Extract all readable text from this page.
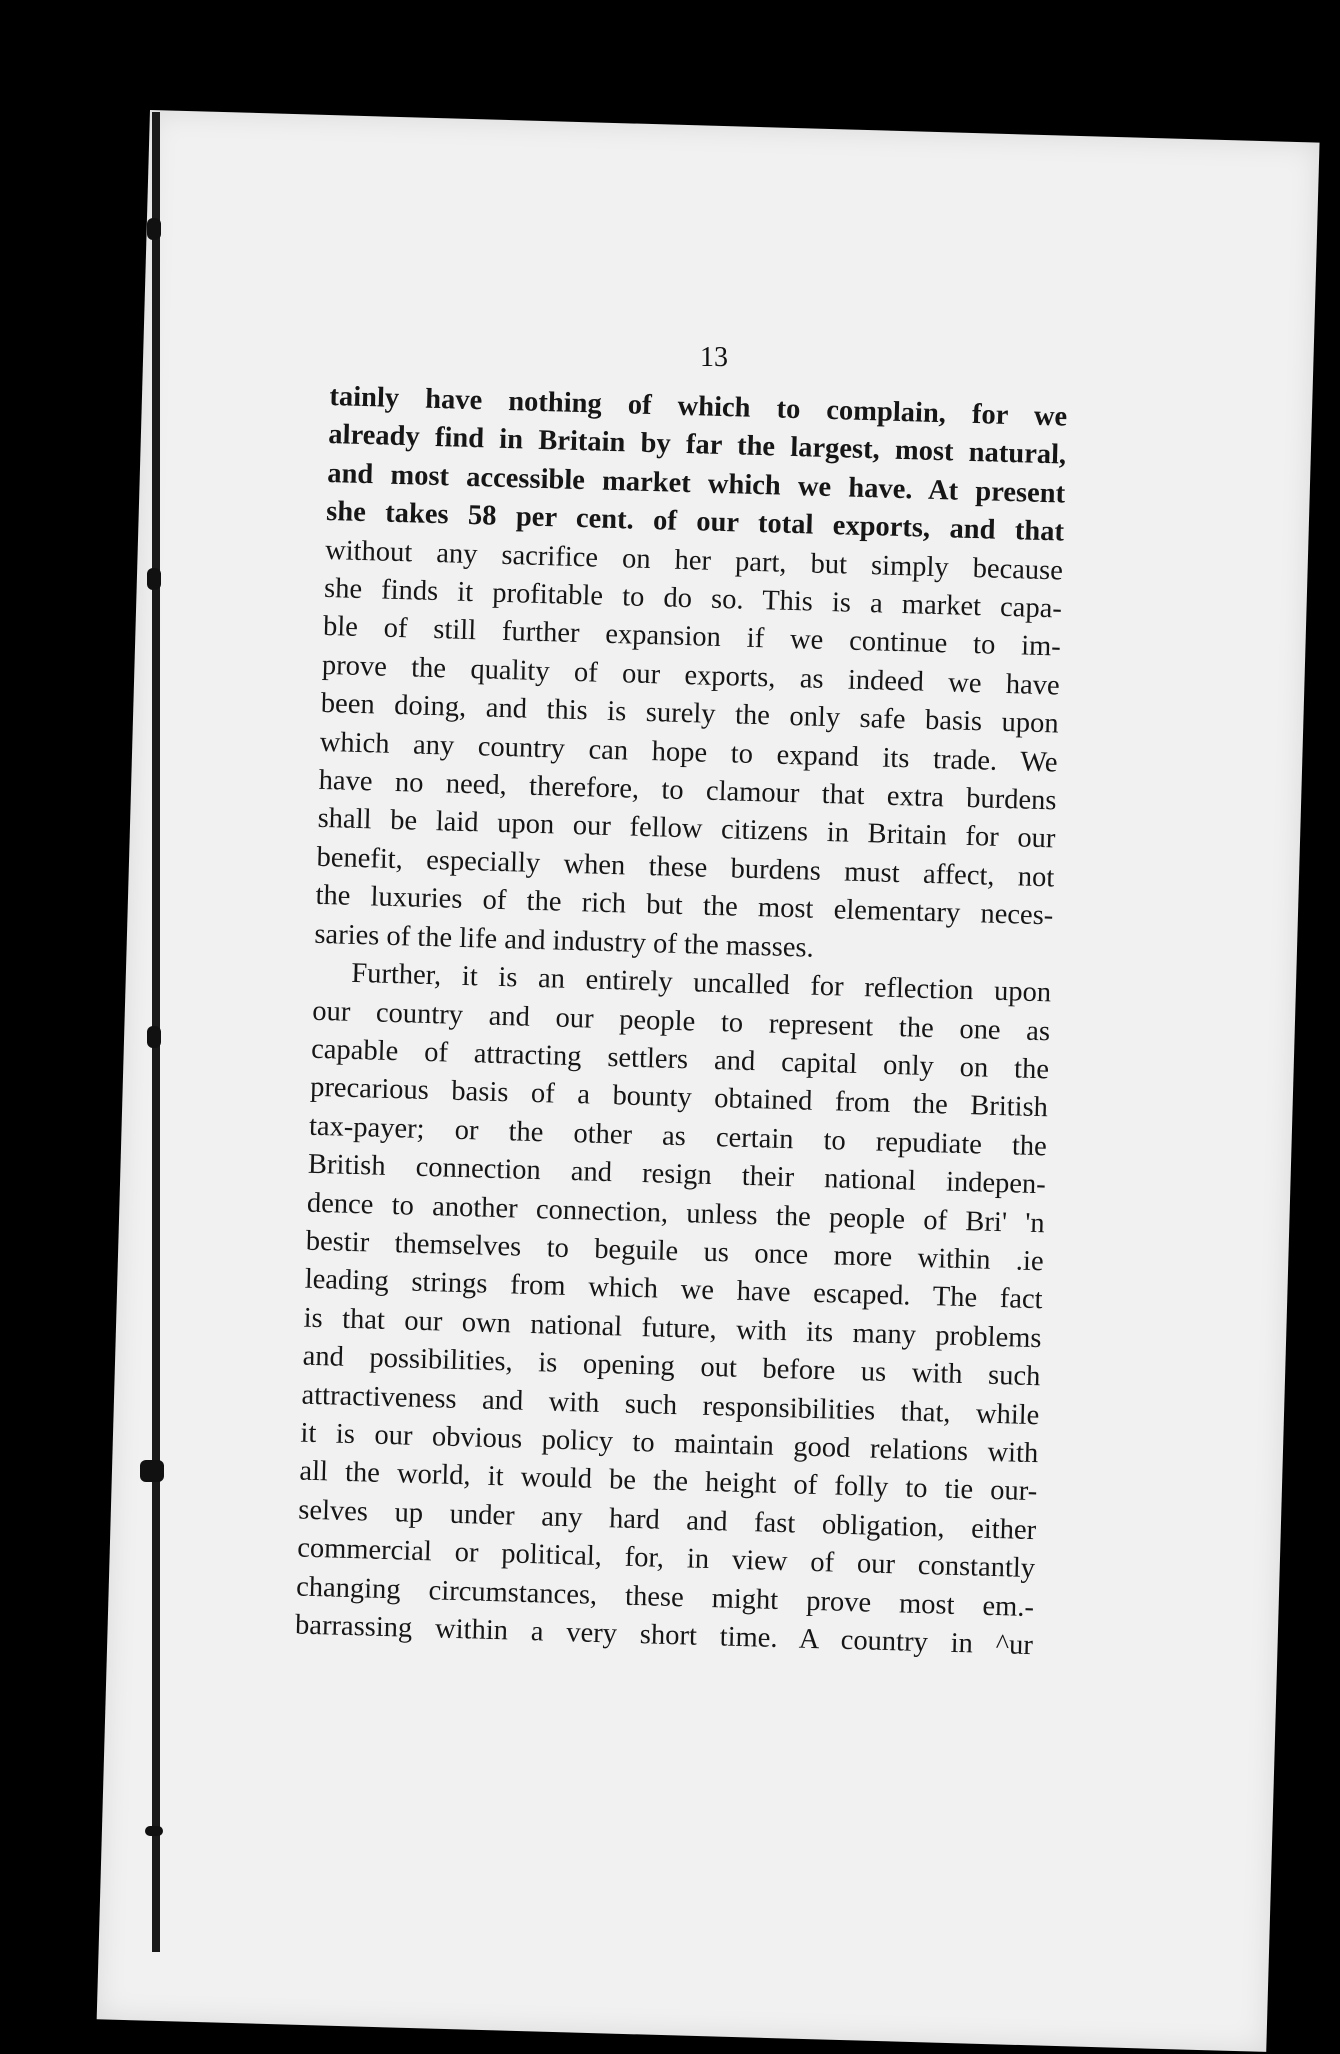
13

tainly have nothing of which to complain, for we
already find in Britain by far the largest, most natural,
and most accessible market which we have. At present
she takes 58 per cent. of our total exports, and that
without any sacrifice on her part, but simply because
she finds it profitable to do so. This is a market capa-
ble of still further expansion if we continue to im-
prove the quality of our exports, as indeed we have
been doing, and this is surely the only safe basis upon
which any country can hope to expand its trade. We
have no need, therefore, to clamour that extra burdens
shall be laid upon our fellow citizens in Britain for our
benefit, especially when these burdens must affect, not
the luxuries of the rich but the most elementary neces-
saries of the life and industry of the masses.

Further, it is an entirely uncalled for reflection upon
our country and our people to represent the one as
capable of attracting settlers and capital only on the
precarious basis of a bounty obtained from the British
tax-payer; or the other as certain to repudiate the
British connection and resign their national indepen-
dence to another connection, unless the people of Bri' 'n
bestir themselves to beguile us once more within .ie
leading strings from which we have escaped. The fact
is that our own national future, with its many problems
and possibilities, is opening out before us with such
attractiveness and with such responsibilities that, while
it is our obvious policy to maintain good relations with
all the world, it would be the height of folly to tie our-
selves up under any hard and fast obligation, either
commercial or political, for, in view of our constantly
changing circumstances, these might prove most em.-
barrassing within a very short time. A country in ^ur
